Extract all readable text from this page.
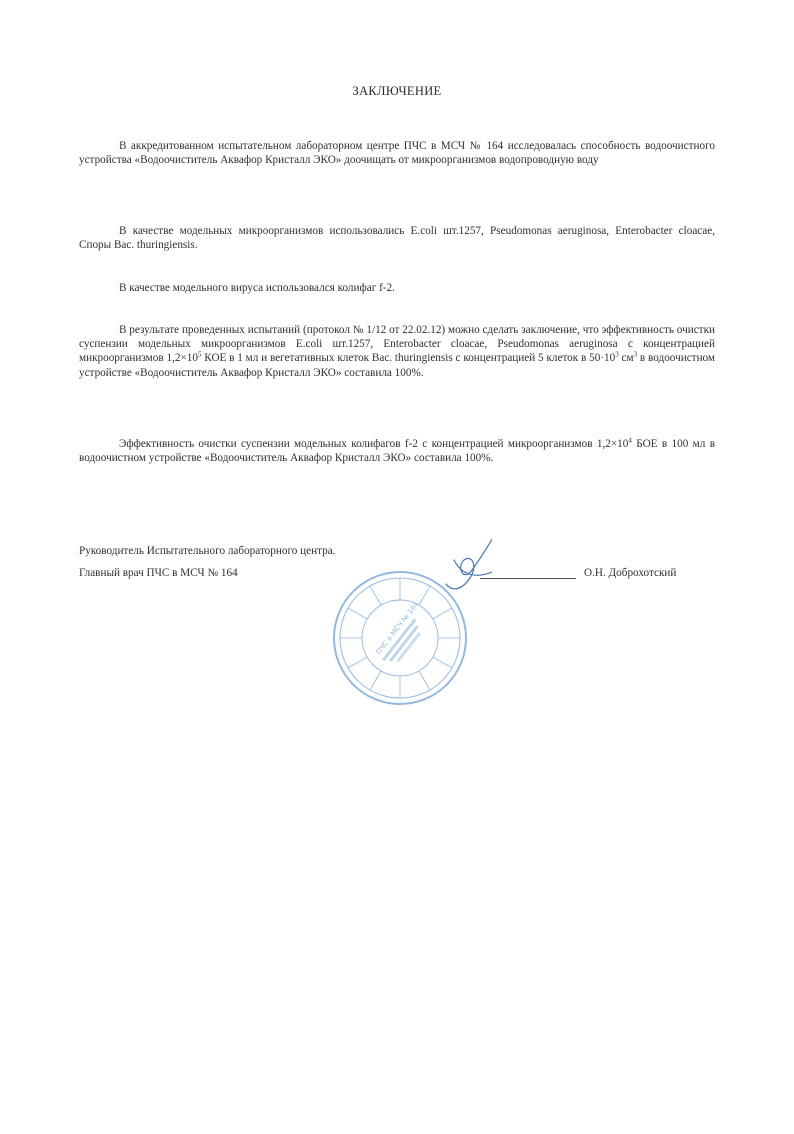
ЗАКЛЮЧЕНИЕ
В аккредитованном испытательном лабораторном центре ПЧС в МСЧ № 164 исследовалась способность водоочистного устройства «Водоочиститель Аквафор Кристалл ЭКО» доочищать от микроорганизмов водопроводную воду
В качестве модельных микроорганизмов использовались E.coli шт.1257, Pseudomonas aeruginosa, Enterobacter cloacae, Споры Bac. thuringiensis.
В качестве модельного вируса использовался колифаг f-2.
В результате проведенных испытаний (протокол № 1/12 от 22.02.12) можно сделать заключение, что эффективность очистки суспензии модельных микроорганизмов E.coli шт.1257, Enterobacter cloacae, Pseudomonas aeruginosa с концентрацией микроорганизмов $1,2\times 10^5$ КОЕ в 1 мл и вегетативных клеток Bac. thuringiensis с концентрацией 5 клеток в $50\cdot 10^3$ $см^3$ в водоочистном устройстве «Водоочиститель Аквафор Кристалл ЭКО» составила 100%.
Эффективность очистки суспензии модельных колифагов f-2 с концентрацией микроорганизмов $1,2\times 10^4$ БОЕ в 100 мл в водоочистном устройстве «Водоочиститель Аквафор Кристалл ЭКО» составила 100%.
Руководитель Испытательного лабораторного центра.
Главный врач ПЧС в МСЧ № 164	О.Н. Доброхотский
ПЧС в МСЧ № 164
